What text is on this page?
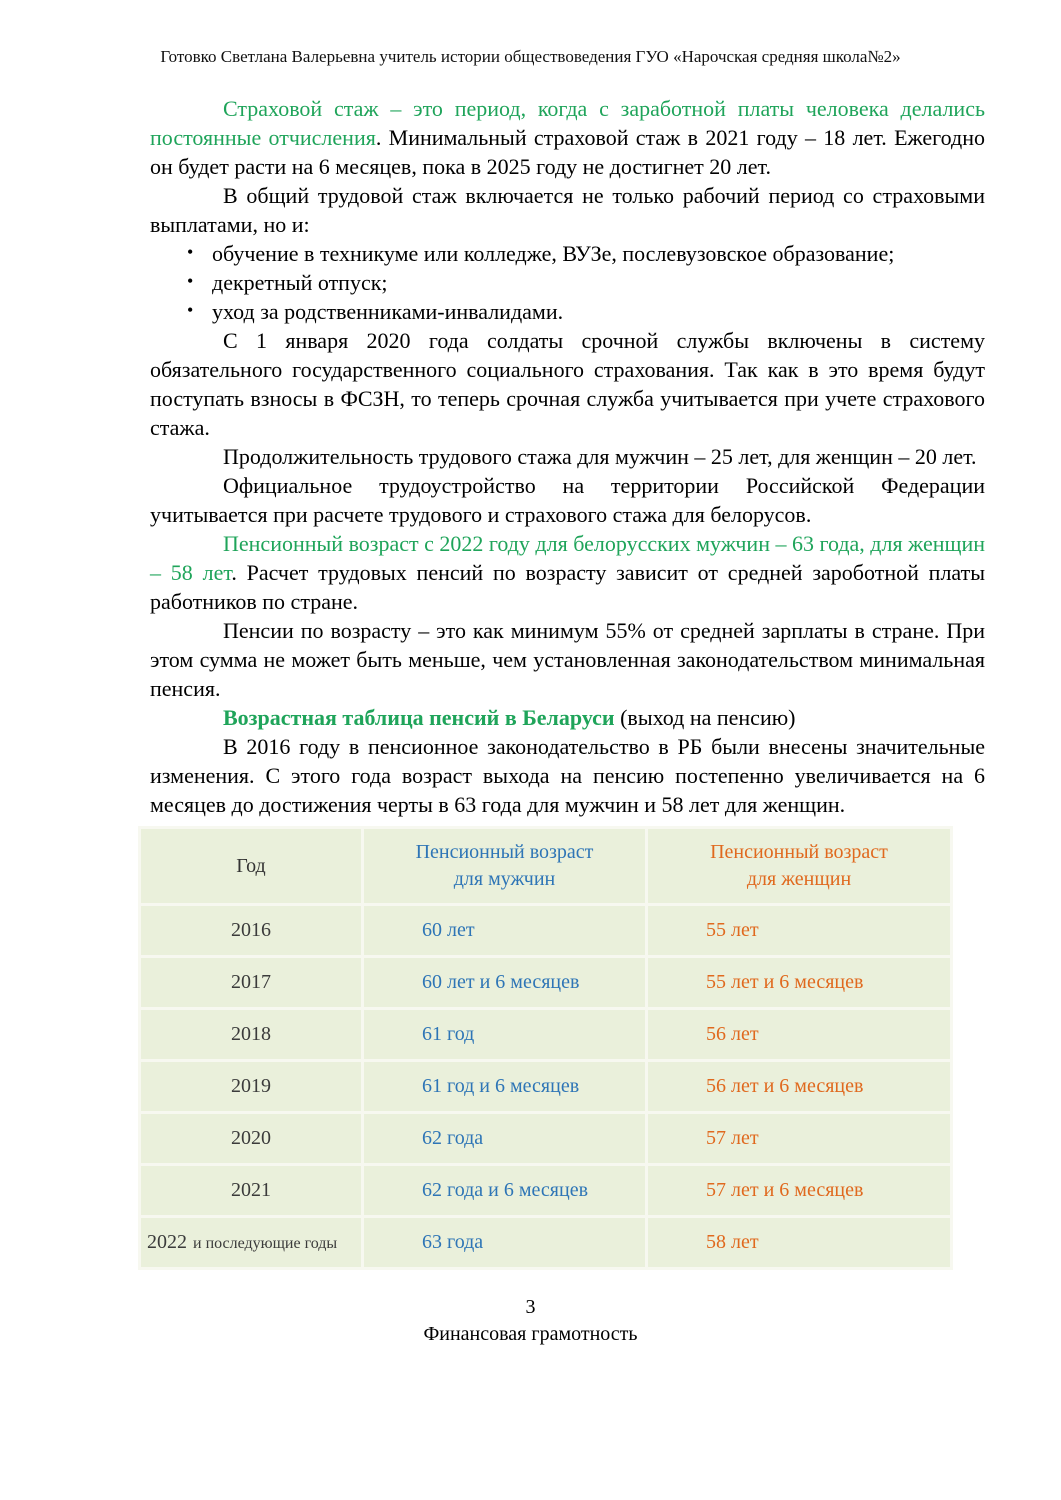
Готовко Светлана Валерьевна учитель истории обществоведения ГУО «Нарочская средняя школа№2»

Страховой стаж – это период, когда с заработной платы человека делались постоянные отчисления. Минимальный страховой стаж в 2021 году – 18 лет. Ежегодно он будет расти на 6 месяцев, пока в 2025 году не достигнет 20 лет.

В общий трудовой стаж включается не только рабочий период со страховыми выплатами, но и:

• обучение в техникуме или колледже, ВУЗе, послевузовское образование;
• декретный отпуск;
• уход за родственниками-инвалидами.

С 1 января 2020 года солдаты срочной службы включены в систему обязательного государственного социального страхования. Так как в это время будут поступать взносы в ФСЗН, то теперь срочная служба учитывается при учете страхового стажа.

Продолжительность трудового стажа для мужчин – 25 лет, для женщин – 20 лет.

Официальное трудоустройство на территории Российской Федерации учитывается при расчете трудового и страхового стажа для белорусов.

Пенсионный возраст с 2022 году для белорусских мужчин – 63 года, для женщин – 58 лет. Расчет трудовых пенсий по возрасту зависит от средней зароботной платы работников по стране.

Пенсии по возрасту – это как минимум 55% от средней зарплаты в стране. При этом сумма не может быть меньше, чем установленная законодательством минимальная пенсия.

Возрастная таблица пенсий в Беларуси (выход на пенсию)

В 2016 году в пенсионное законодательство в РБ были внесены значительные изменения. С этого года возраст выхода на пенсию постепенно увеличивается на 6 месяцев до достижения черты в 63 года для мужчин и 58 лет для женщин.

Год	Пенсионный возраст для мужчин	Пенсионный возраст для женщин
2016	60 лет	55 лет
2017	60 лет и 6 месяцев	55 лет и 6 месяцев
2018	61 год	56 лет
2019	61 год и 6 месяцев	56 лет и 6 месяцев
2020	62 года	57 лет
2021	62 года и 6 месяцев	57 лет и 6 месяцев
2022 и последующие годы	63 года	58 лет
3
Финансовая грамотность
